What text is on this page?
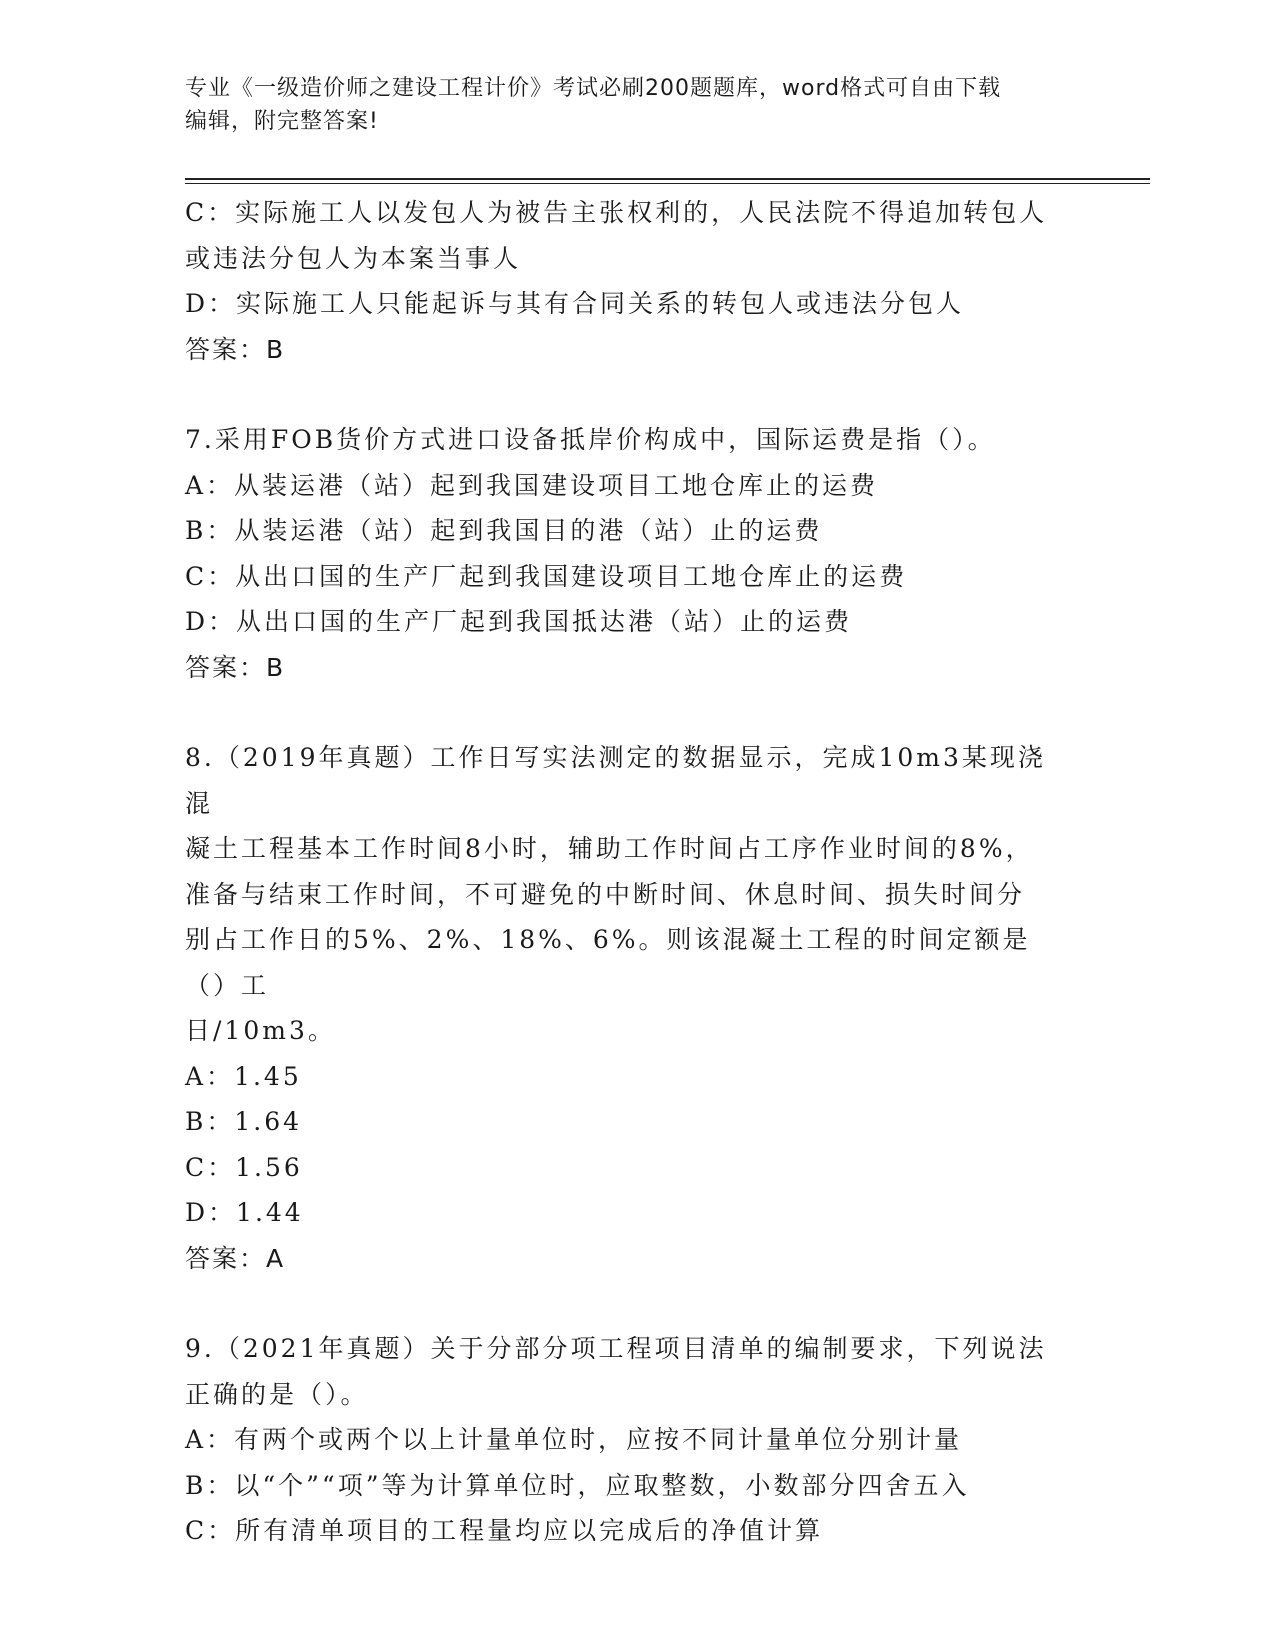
专业《一级造价师之建设工程计价》考试必刷200题题库，word格式可自由下载
编辑，附完整答案!

C：实际施工人以发包人为被告主张权利的，人民法院不得追加转包人

或违法分包人为本案当事人

D：实际施工人只能起诉与其有合同关系的转包人或违法分包人

答案：B

7.采用FOB货价方式进口设备抵岸价构成中，国际运费是指（）。

A：从装运港（站）起到我国建设项目工地仓库止的运费

B：从装运港（站）起到我国目的港（站）止的运费

C：从出口国的生产厂起到我国建设项目工地仓库止的运费

D：从出口国的生产厂起到我国抵达港（站）止的运费

答案：B

8.（2019年真题）工作日写实法测定的数据显示，完成10m3某现浇混

凝土工程基本工作时间8小时，辅助工作时间占工序作业时间的8%，

准备与结束工作时间，不可避免的中断时间、休息时间、损失时间分

别占工作日的5%、2%、18%、6%。则该混凝土工程的时间定额是（）工

日/10m3。

A：1.45

B：1.64

C：1.56

D：1.44

答案：A

9.（2021年真题）关于分部分项工程项目清单的编制要求，下列说法

正确的是（）。

A：有两个或两个以上计量单位时，应按不同计量单位分别计量

B：以“个”“项”等为计算单位时，应取整数，小数部分四舍五入

C：所有清单项目的工程量均应以完成后的净值计算
